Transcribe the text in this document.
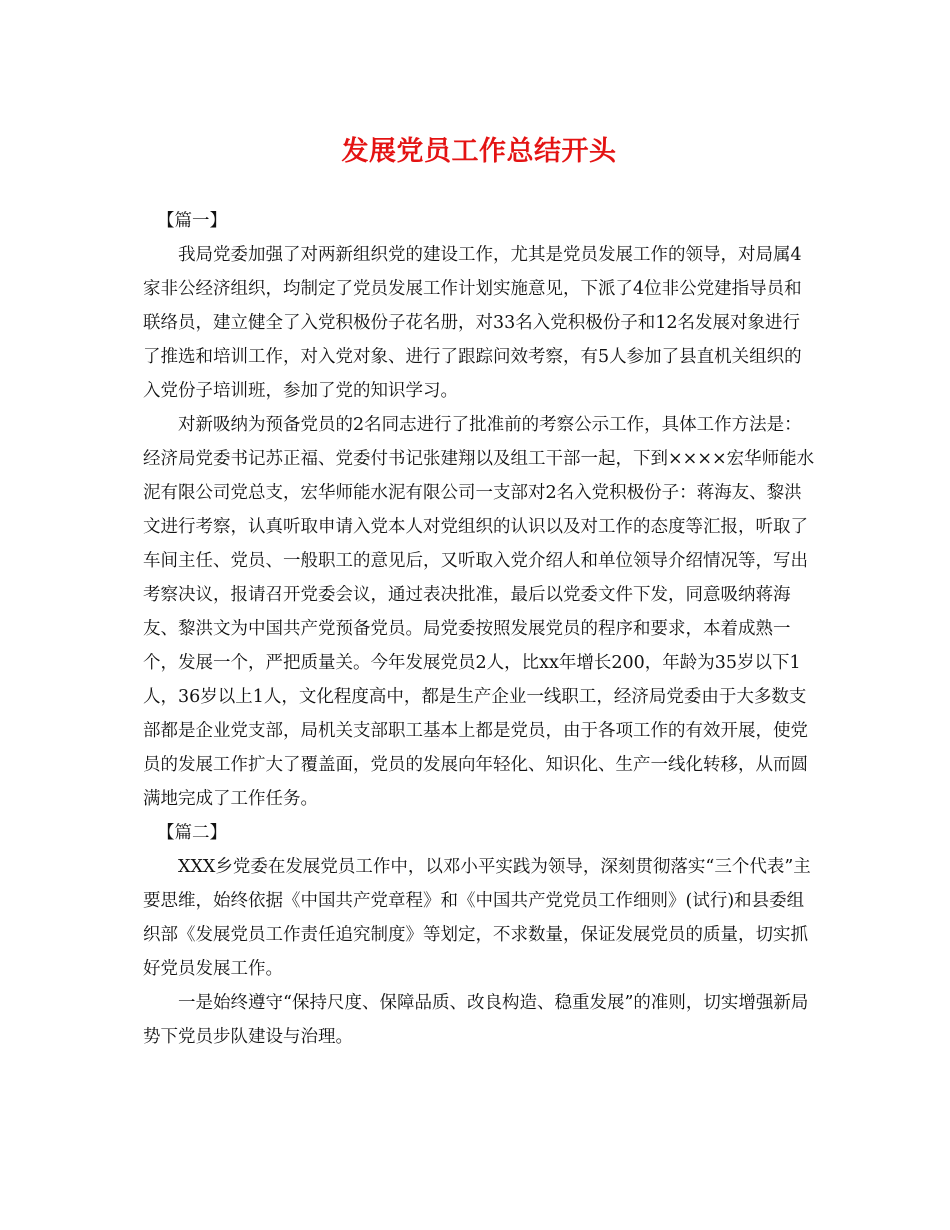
发展党员工作总结开头

【篇一】

我局党委加强了对两新组织党的建设工作，尤其是党员发展工作的领导，对局属4家非公经济组织，均制定了党员发展工作计划实施意见，下派了4位非公党建指导员和联络员，建立健全了入党积极份子花名册，对33名入党积极份子和12名发展对象进行了推选和培训工作，对入党对象、进行了跟踪问效考察，有5人参加了县直机关组织的入党份子培训班，参加了党的知识学习。

对新吸纳为预备党员的2名同志进行了批准前的考察公示工作，具体工作方法是：经济局党委书记苏正福、党委付书记张建翔以及组工干部一起，下到××××宏华师能水泥有限公司党总支，宏华师能水泥有限公司一支部对2名入党积极份子：蒋海友、黎洪文进行考察，认真听取申请入党本人对党组织的认识以及对工作的态度等汇报，听取了车间主任、党员、一般职工的意见后，又听取入党介绍人和单位领导介绍情况等，写出考察决议，报请召开党委会议，通过表决批准，最后以党委文件下发，同意吸纳蒋海友、黎洪文为中国共产党预备党员。局党委按照发展党员的程序和要求，本着成熟一个，发展一个，严把质量关。今年发展党员2人，比xx年增长200，年龄为35岁以下1人，36岁以上1人，文化程度高中，都是生产企业一线职工，经济局党委由于大多数支部都是企业党支部，局机关支部职工基本上都是党员，由于各项工作的有效开展，使党员的发展工作扩大了覆盖面，党员的发展向年轻化、知识化、生产一线化转移，从而圆满地完成了工作任务。

【篇二】

XXX乡党委在发展党员工作中，以邓小平实践为领导，深刻贯彻落实“三个代表”主要思维，始终依据《中国共产党章程》和《中国共产党党员工作细则》(试行)和县委组织部《发展党员工作责任追究制度》等划定，不求数量，保证发展党员的质量，切实抓好党员发展工作。

一是始终遵守“保持尺度、保障品质、改良构造、稳重发展”的准则，切实增强新局势下党员步队建设与治理。
